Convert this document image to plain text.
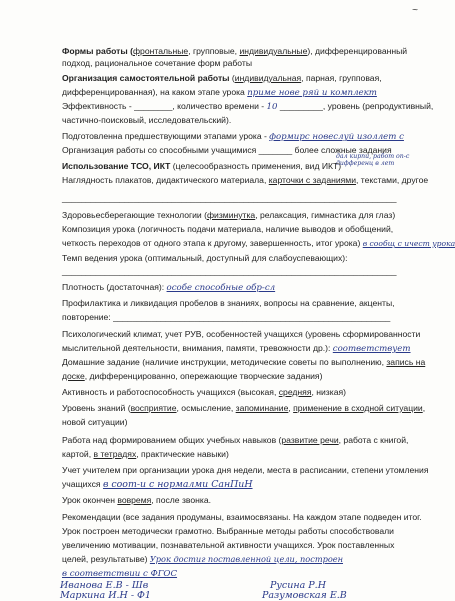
~
Формы работы (фронтальные, групповые, индивидуальные), дифференцированный
подход, рациональное сочетание форм работы
Организация самостоятельной работы (индивидуальная, парная, групповая,
дифференцированная), на каком этапе урока приме нове ряй и комплект
Эффективность - ________, количество времени - 10 _________, уровень (репродуктивный,
частично-поисковый, исследовательский).
Подготовленна предшествующими этапами урока - формирс новеслуй изоллет с
Организация работы со способными учащимися _______ более сложные задания
дал кирпи, работ оп-с дифференц в лет
Использование ТСО, ИКТ (целесообразность применения, вид ИКТ)
Наглядность плакатов, дидактического материала, карточки с заданиями, текстами, другое
______________________________________________________________________
Здоровьесберегающие технологии (физминутка, релаксация, гимнастика для глаз)
Композиция урока (логичность подачи материала, наличие выводов и обобщений,
четкость переходов от одного этапа к другому, завершенность, итог урока) в сообщ с ичест урока
Темп ведения урока (оптимальный, доступный для слабоуспевающих):
______________________________________________________________________
Плотность (достаточная): особе способные обр-сл
Профилактика и ликвидация пробелов в знаниях, вопросы на сравнение, акценты,
повторение: __________________________________________________________
Психологический климат, учет РУВ, особенностей учащихся (уровень сформированности
мыслительной деятельности, внимания, памяти, тревожности др.): соответствует
Домашние задание (наличие инструкции, методические советы по выполнению, запись на
доске, дифференцированно, опережающие творческие задания)
Активность и работоспособность учащихся (высокая, средняя, низкая)
Уровень знаний (восприятие, осмысление, запоминание, применение в сходной ситуации,
новой ситуации)
Работа над формированием общих учебных навыков (развитие речи, работа с книгой,
картой, в тетрадях, практические навыки)
Учет учителем при организации урока дня недели, места в расписании, степени утомления
учащихся в соот-и с нормалми СанПиН
Урок окончен вовремя, после звонка.
Рекомендации (все задания продуманы, взаимосвязаны. На каждом этапе подведен итог.
Урок построен методически грамотно. Выбранные методы работы способствовали
увеличению мотивации, познавательной активности учащихся. Урок поставленных
целей, результатыве) Урок достиг поставленной цели, построен
в соответствии с ФГОС
Иванова Е.В - Шв
Маркина И.Н - Ф1
Русина Р.Н
Разумовская Е.В
